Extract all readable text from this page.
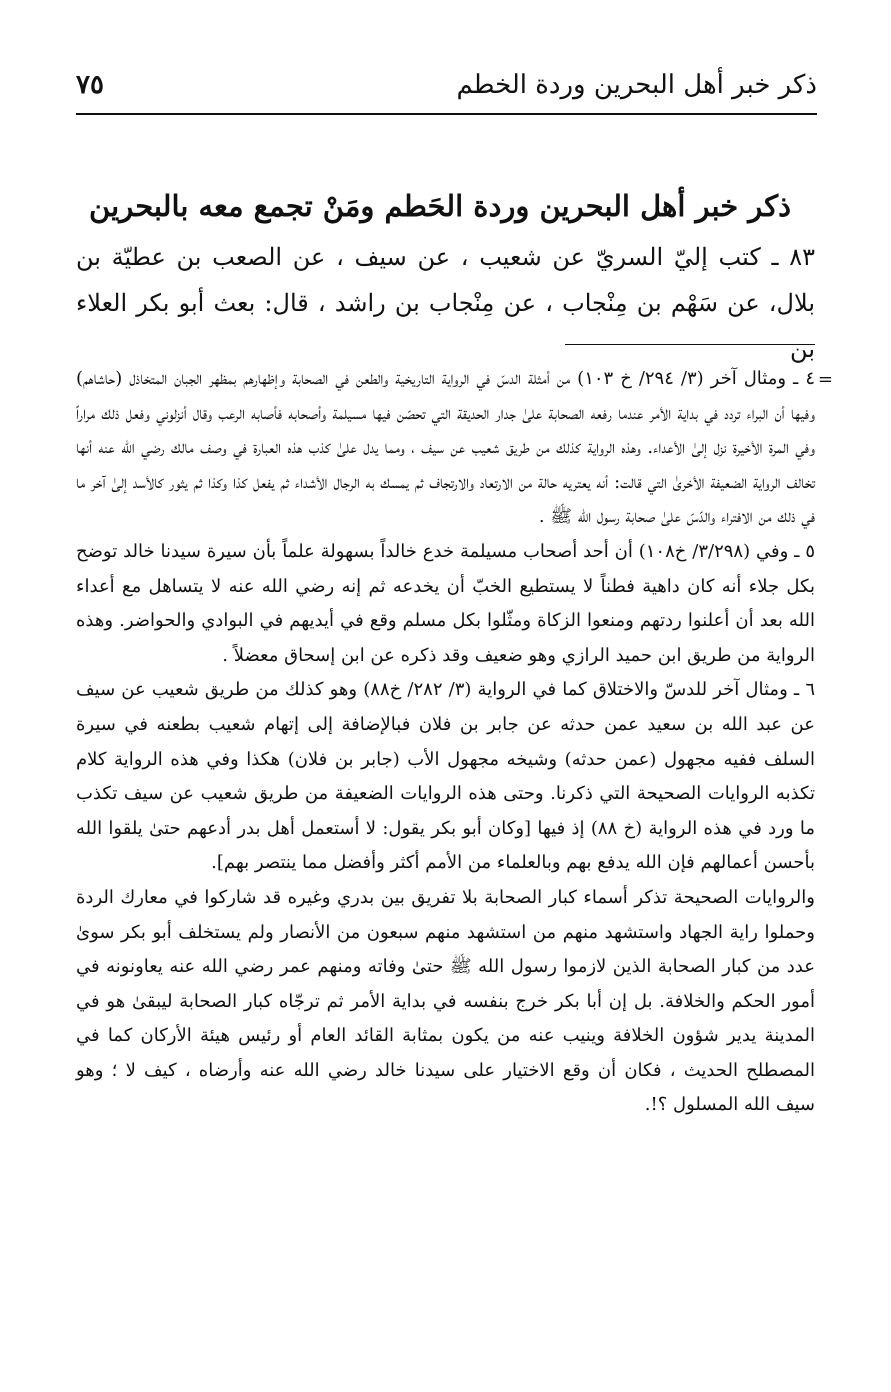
ذكر خبر أهل البحرين وردة الخطم
٧٥
ذكر خبر أهل البحرين وردة الحَطم ومَنْ تجمع معه بالبحرين

٨٣ ـ كتب إليّ السريّ عن شعيب ، عن سيف ، عن الصعب بن عطيّة بن بلال، عن سَهْم بن مِنْجاب ، عن مِنْجاب بن راشد ، قال: بعث أبو بكر العلاء بن

=

٤ ـ ومثال آخر (٣/ ٢٩٤/ خ ١٠٣) من أمثلة الدسّ في الرواية التاريخية والطعن في الصحابة وإظهارهم بمظهر الجبان المتخاذل (حاشاهم) وفيها أن البراء تردد في بداية الأمر عندما رفعه الصحابة علىٰ جدار الحديقة التي تحصّن فيها مسيلمة وأصحابه فأصابه الرعب وقال أنزلوني وفعل ذلك مراراً وفي المرة الأخيرة نزل إلىٰ الأعداء. وهذه الرواية كذلك من طريق شعيب عن سيف ، ومما يدل علىٰ كذب هذه العبارة في وصف مالك رضي الله عنه أنها تخالف الرواية الضعيفة الأخرىٰ التي قالت: أنه يعتريه حالة من الارتعاد والارتجاف ثم يمسك به الرجال الأشداء ثم يفعل كذا وكذا ثم يثور كالأسد إلىٰ آخر ما في ذلك من الافتراء والدّسّ علىٰ صحابة رسول الله ﷺ .

٥ ـ وفي (٣/٢٩٨/ خ١٠٨) أن أحد أصحاب مسيلمة خدع خالداً بسهولة علماً بأن سيرة سيدنا خالد توضح بكل جلاء أنه كان داهية فطناً لا يستطيع الخبّ أن يخدعه ثم إنه رضي الله عنه لا يتساهل مع أعداء الله بعد أن أعلنوا ردتهم ومنعوا الزكاة ومثّلوا بكل مسلم وقع في أيديهم في البوادي والحواضر. وهذه الرواية من طريق ابن حميد الرازي وهو ضعيف وقد ذكره عن ابن إسحاق معضلاً .

٦ ـ ومثال آخر للدسّ والاختلاق كما في الرواية (٣/ ٢٨٢/ خ٨٨) وهو كذلك من طريق شعيب عن سيف عن عبد الله بن سعيد عمن حدثه عن جابر بن فلان فبالإضافة إلى إتهام شعيب بطعنه في سيرة السلف ففيه مجهول (عمن حدثه) وشيخه مجهول الأب (جابر بن فلان) هكذا وفي هذه الرواية كلام تكذبه الروايات الصحيحة التي ذكرنا. وحتى هذه الروايات الضعيفة من طريق شعيب عن سيف تكذب ما ورد في هذه الرواية (خ ٨٨) إذ فيها [وكان أبو بكر يقول: لا أستعمل أهل بدر أدعهم حتىٰ يلقوا الله بأحسن أعمالهم فإن الله يدفع بهم وبالعلماء من الأمم أكثر وأفضل مما ينتصر بهم].

والروايات الصحيحة تذكر أسماء كبار الصحابة بلا تفريق بين بدري وغيره قد شاركوا في معارك الردة وحملوا راية الجهاد واستشهد منهم من استشهد منهم سبعون من الأنصار ولم يستخلف أبو بكر سوىٰ عدد من كبار الصحابة الذين لازموا رسول الله ﷺ حتىٰ وفاته ومنهم عمر رضي الله عنه يعاونونه في أمور الحكم والخلافة. بل إن أبا بكر خرج بنفسه في بداية الأمر ثم ترجّاه كبار الصحابة ليبقىٰ هو في المدينة يدير شؤون الخلافة وينيب عنه من يكون بمثابة القائد العام أو رئيس هيئة الأركان كما في المصطلح الحديث ، فكان أن وقع الاختيار على سيدنا خالد رضي الله عنه وأرضاه ، كيف لا ؛ وهو سيف الله المسلول ؟!.
